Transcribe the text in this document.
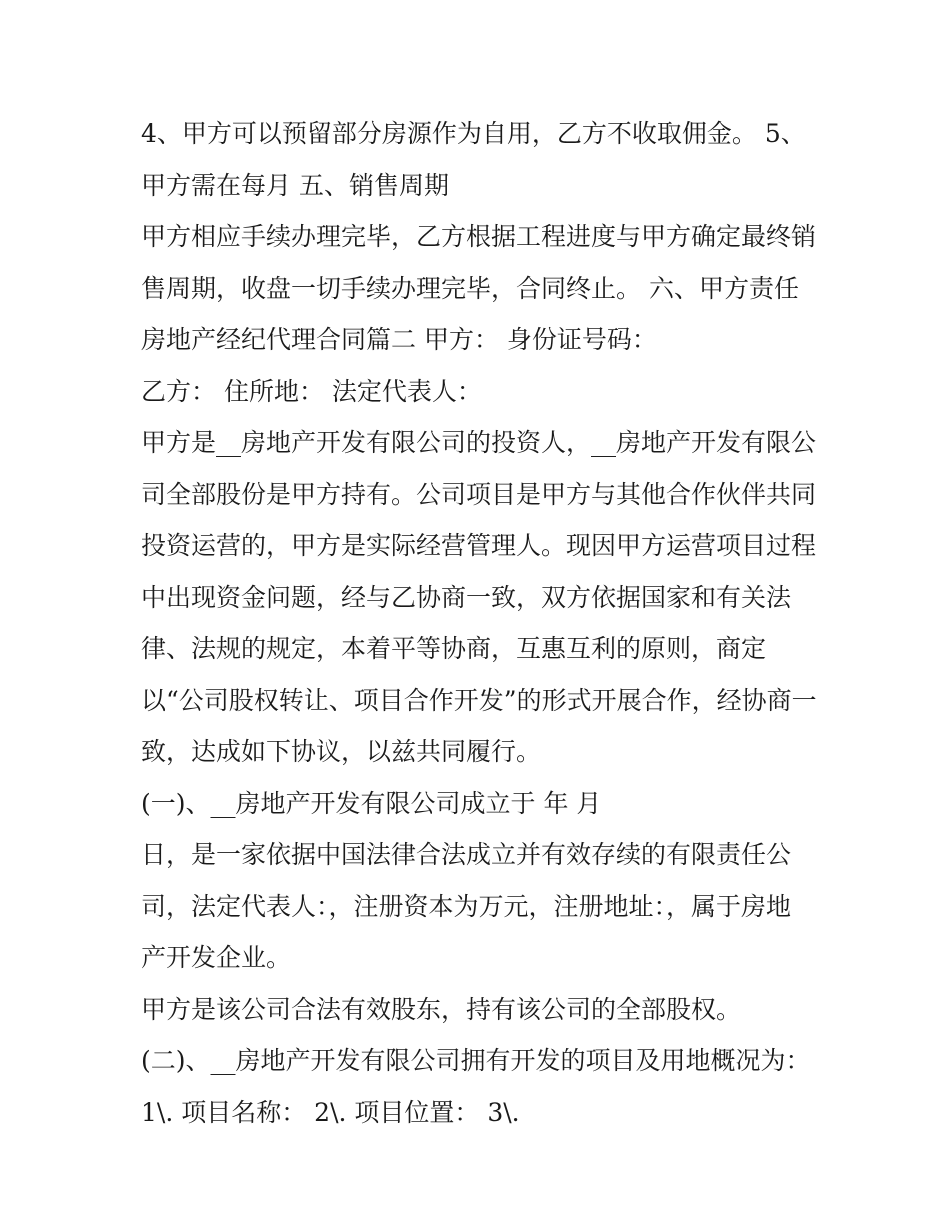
4、甲方可以预留部分房源作为自用，乙方不收取佣金。 5、
甲方需在每月 五、销售周期
甲方相应手续办理完毕，乙方根据工程进度与甲方确定最终销
售周期，收盘一切手续办理完毕，合同终止。 六、甲方责任
房地产经纪代理合同篇二 甲方： 身份证号码：
乙方： 住所地： 法定代表人：
甲方是__房地产开发有限公司的投资人，__房地产开发有限公
司全部股份是甲方持有。公司项目是甲方与其他合作伙伴共同
投资运营的，甲方是实际经营管理人。现因甲方运营项目过程
中出现资金问题，经与乙协商一致，双方依据国家和有关法
律、法规的规定，本着平等协商，互惠互利的原则，商定
以“公司股权转让、项目合作开发”的形式开展合作，经协商一
致，达成如下协议，以兹共同履行。
(一)、__房地产开发有限公司成立于 年 月
日，是一家依据中国法律合法成立并有效存续的有限责任公
司，法定代表人：，注册资本为万元，注册地址：，属于房地
产开发企业。
甲方是该公司合法有效股东，持有该公司的全部股权。
(二)、__房地产开发有限公司拥有开发的项目及用地概况为：
1\. 项目名称： 2\. 项目位置： 3\.
